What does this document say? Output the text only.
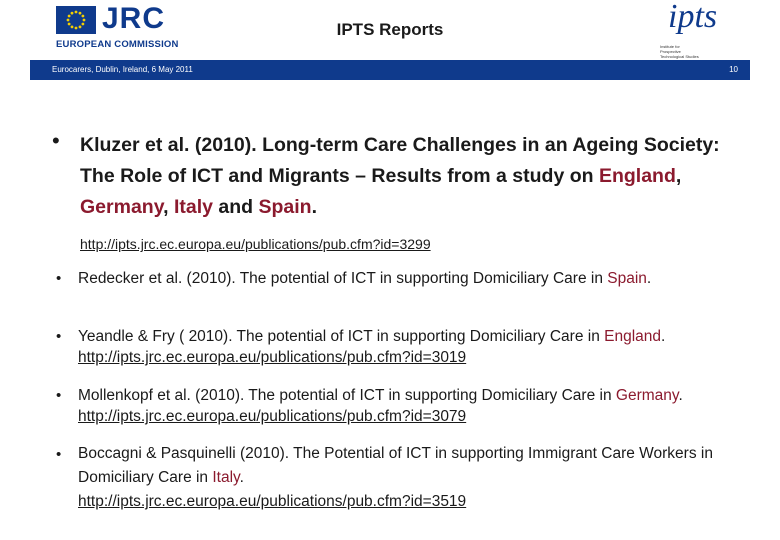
JRC
EUROPEAN COMMISSION
IPTS Reports	ipts
Institute for Prospective Technological Studies
Eurocarers, Dublin, Ireland, 6 May 2011	10
• Kluzer et al. (2010). Long-term Care Challenges in an Ageing Society: The Role of ICT and Migrants – Results from a study on England, Germany, Italy and Spain.
http://ipts.jrc.ec.europa.eu/publications/pub.cfm?id=3299
• Redecker et al. (2010). The potential of ICT in supporting Domiciliary Care in Spain.
• Yeandle & Fry ( 2010). The potential of ICT in supporting Domiciliary Care in England. http://ipts.jrc.ec.europa.eu/publications/pub.cfm?id=3019
• Mollenkopf et al. (2010). The potential of ICT in supporting Domiciliary Care in Germany. http://ipts.jrc.ec.europa.eu/publications/pub.cfm?id=3079
• Boccagni & Pasquinelli (2010). The Potential of ICT in supporting Immigrant Care Workers in Domiciliary Care in Italy.
http://ipts.jrc.ec.europa.eu/publications/pub.cfm?id=3519
